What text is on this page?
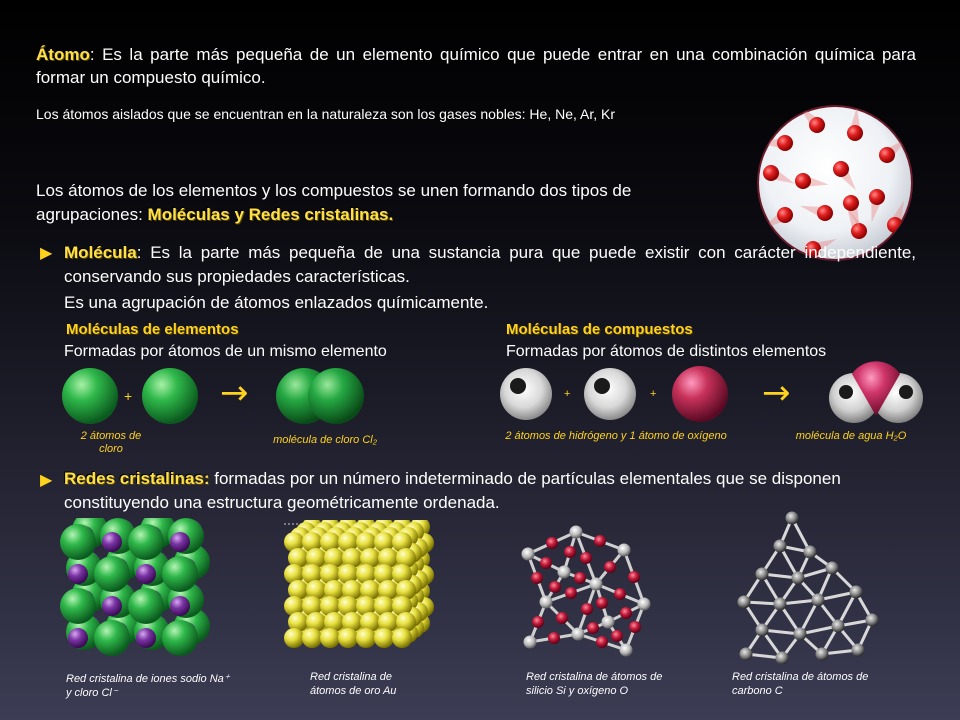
Átomo: Es la parte más pequeña de un elemento químico que puede entrar en una combinación química para formar un compuesto químico.
Los átomos aislados que se encuentran en la naturaleza son los gases nobles: He, Ne, Ar, Kr
Los átomos de los elementos y los compuestos se unen formando dos tipos de agrupaciones: Moléculas y Redes cristalinas.
▶ Molécula: Es la parte más pequeña de una sustancia pura que puede existir con carácter independiente, conservando sus propiedades características.
Es una agrupación de átomos enlazados químicamente.
Moléculas de elementos
Formadas por átomos de un mismo elemento
Moléculas de compuestos
Formadas por átomos de distintos elementos
+	→
2 átomos de cloro
molécula de cloro Cl₂
+	+	→
2 átomos de hidrógeno y 1 átomo de oxígeno	molécula de agua H₂O
▶ Redes cristalinas: formadas por un número indeterminado de partículas elementales que se disponen constituyendo una estructura geométricamente ordenada.
Red cristalina de iones sodio Na⁺ y cloro Cl⁻
Red cristalina de átomos de oro Au
Red cristalina de átomos de silicio Si y oxígeno O
Red cristalina de átomos de carbono C
